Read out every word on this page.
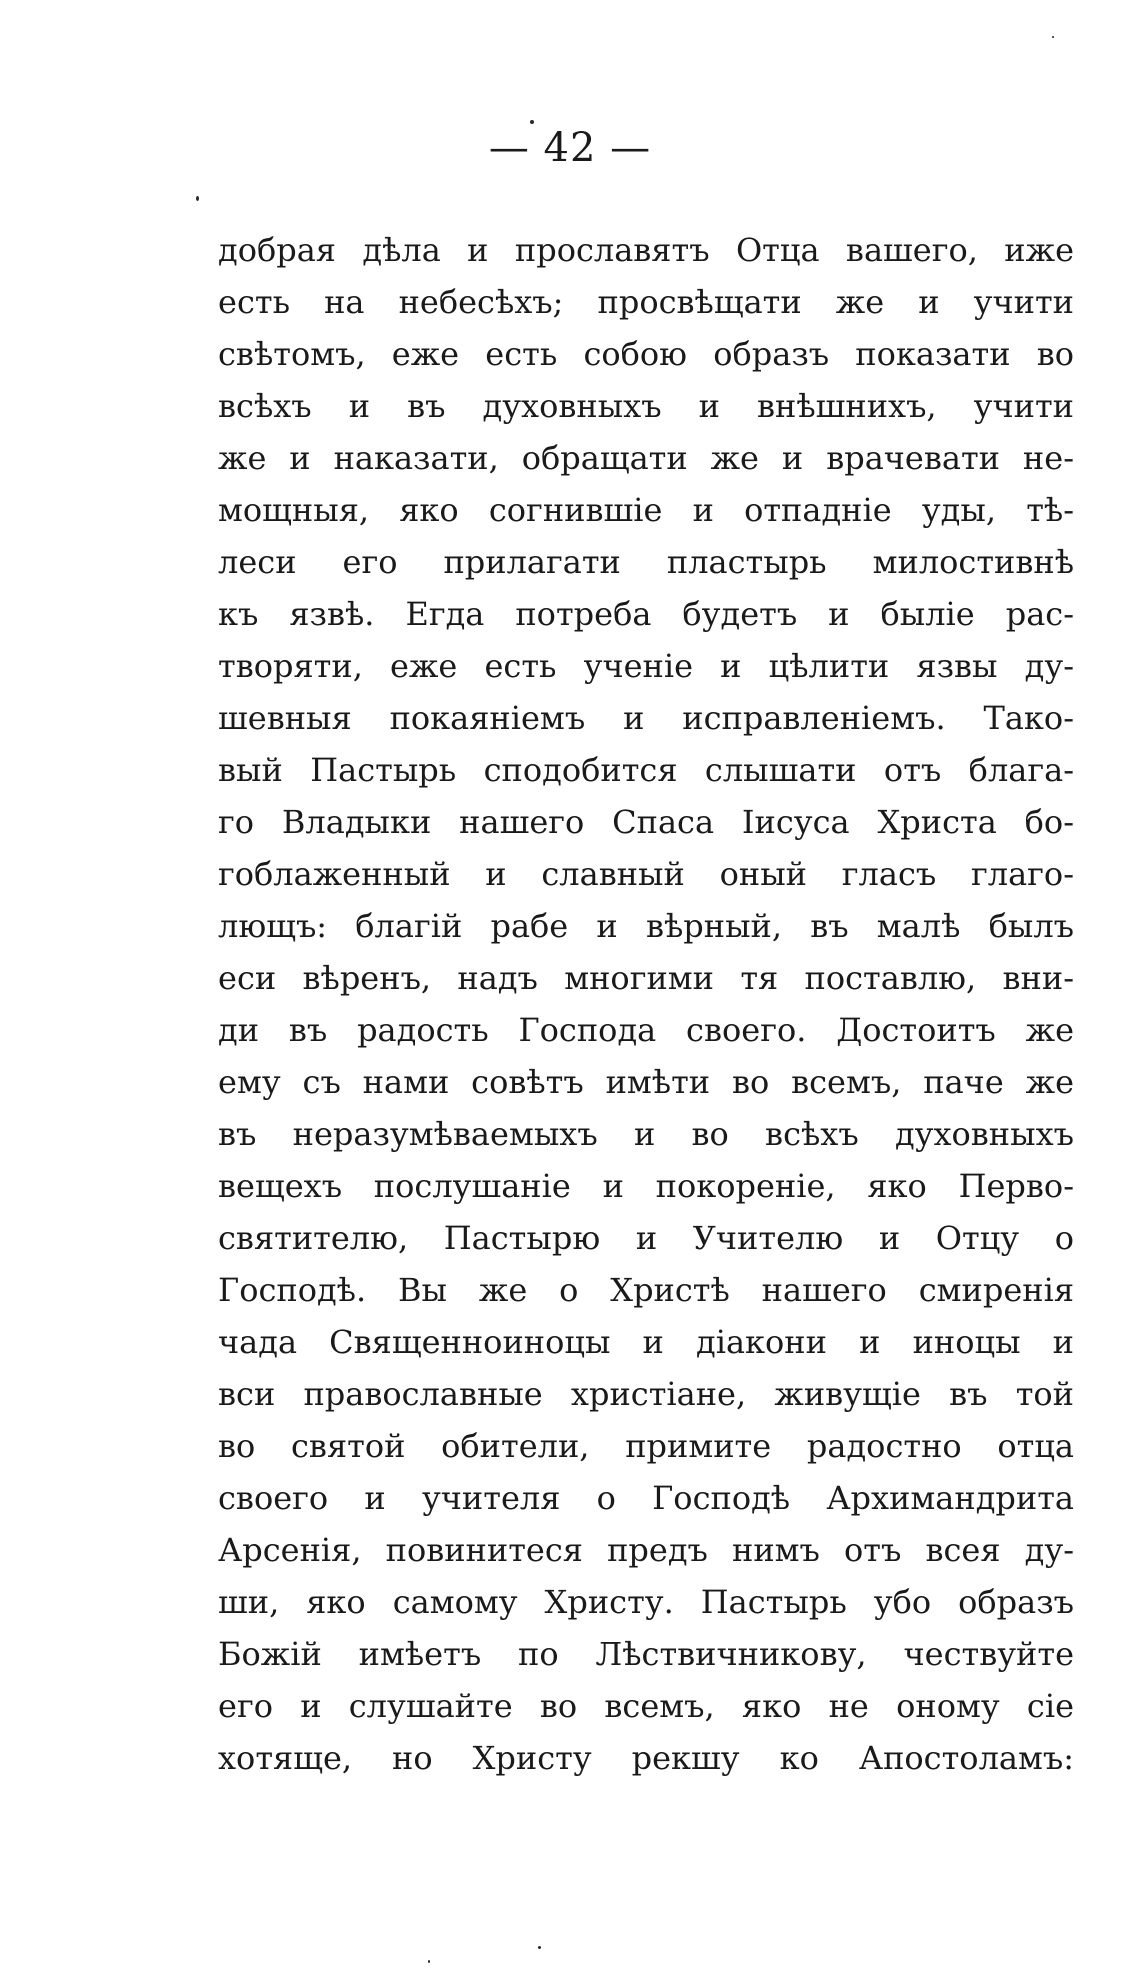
— 42 —
добрая дѣла и прославятъ Отца вашего, иже
есть на небесѣхъ; просвѣщати же и учити
свѣтомъ, еже есть собою образъ показати во
всѣхъ и въ духовныхъ и внѣшнихъ, учити
же и наказати, обращати же и врачевати не-
мощныя, яко согнившіе и отпадніе уды, тѣ-
леси его прилагати пластырь милостивнѣ
къ язвѣ. Егда потреба будетъ и быліе рас-
творяти, еже есть ученіе и цѣлити язвы ду-
шевныя покаяніемъ и исправленіемъ. Тако-
вый Пастырь сподобится слышати отъ блага-
го Владыки нашего Спаса Іисуса Христа бо-
гоблаженный и славный оный гласъ глаго-
лющъ: благій рабе и вѣрный, въ малѣ былъ
еси вѣренъ, надъ многими тя поставлю, вни-
ди въ радость Господа своего. Достоитъ же
ему съ нами совѣтъ имѣти во всемъ, паче же
въ неразумѣваемыхъ и во всѣхъ духовныхъ
вещехъ послушаніе и покореніе, яко Перво-
святителю, Пастырю и Учителю и Отцу о
Господѣ. Вы же о Христѣ нашего смиренія
чада Священноиноцы и діакони и иноцы и
вси православные христіане, живущіе въ той
во святой обители, примите радостно отца
своего и учителя о Господѣ Архимандрита
Арсенія, повинитеся предъ нимъ отъ всея ду-
ши, яко самому Христу. Пастырь убо образъ
Божій имѣетъ по Лѣствичникову, чествуйте
его и слушайте во всемъ, яко не оному сіе
хотяще, но Христу рекшу ко Апостоламъ:
